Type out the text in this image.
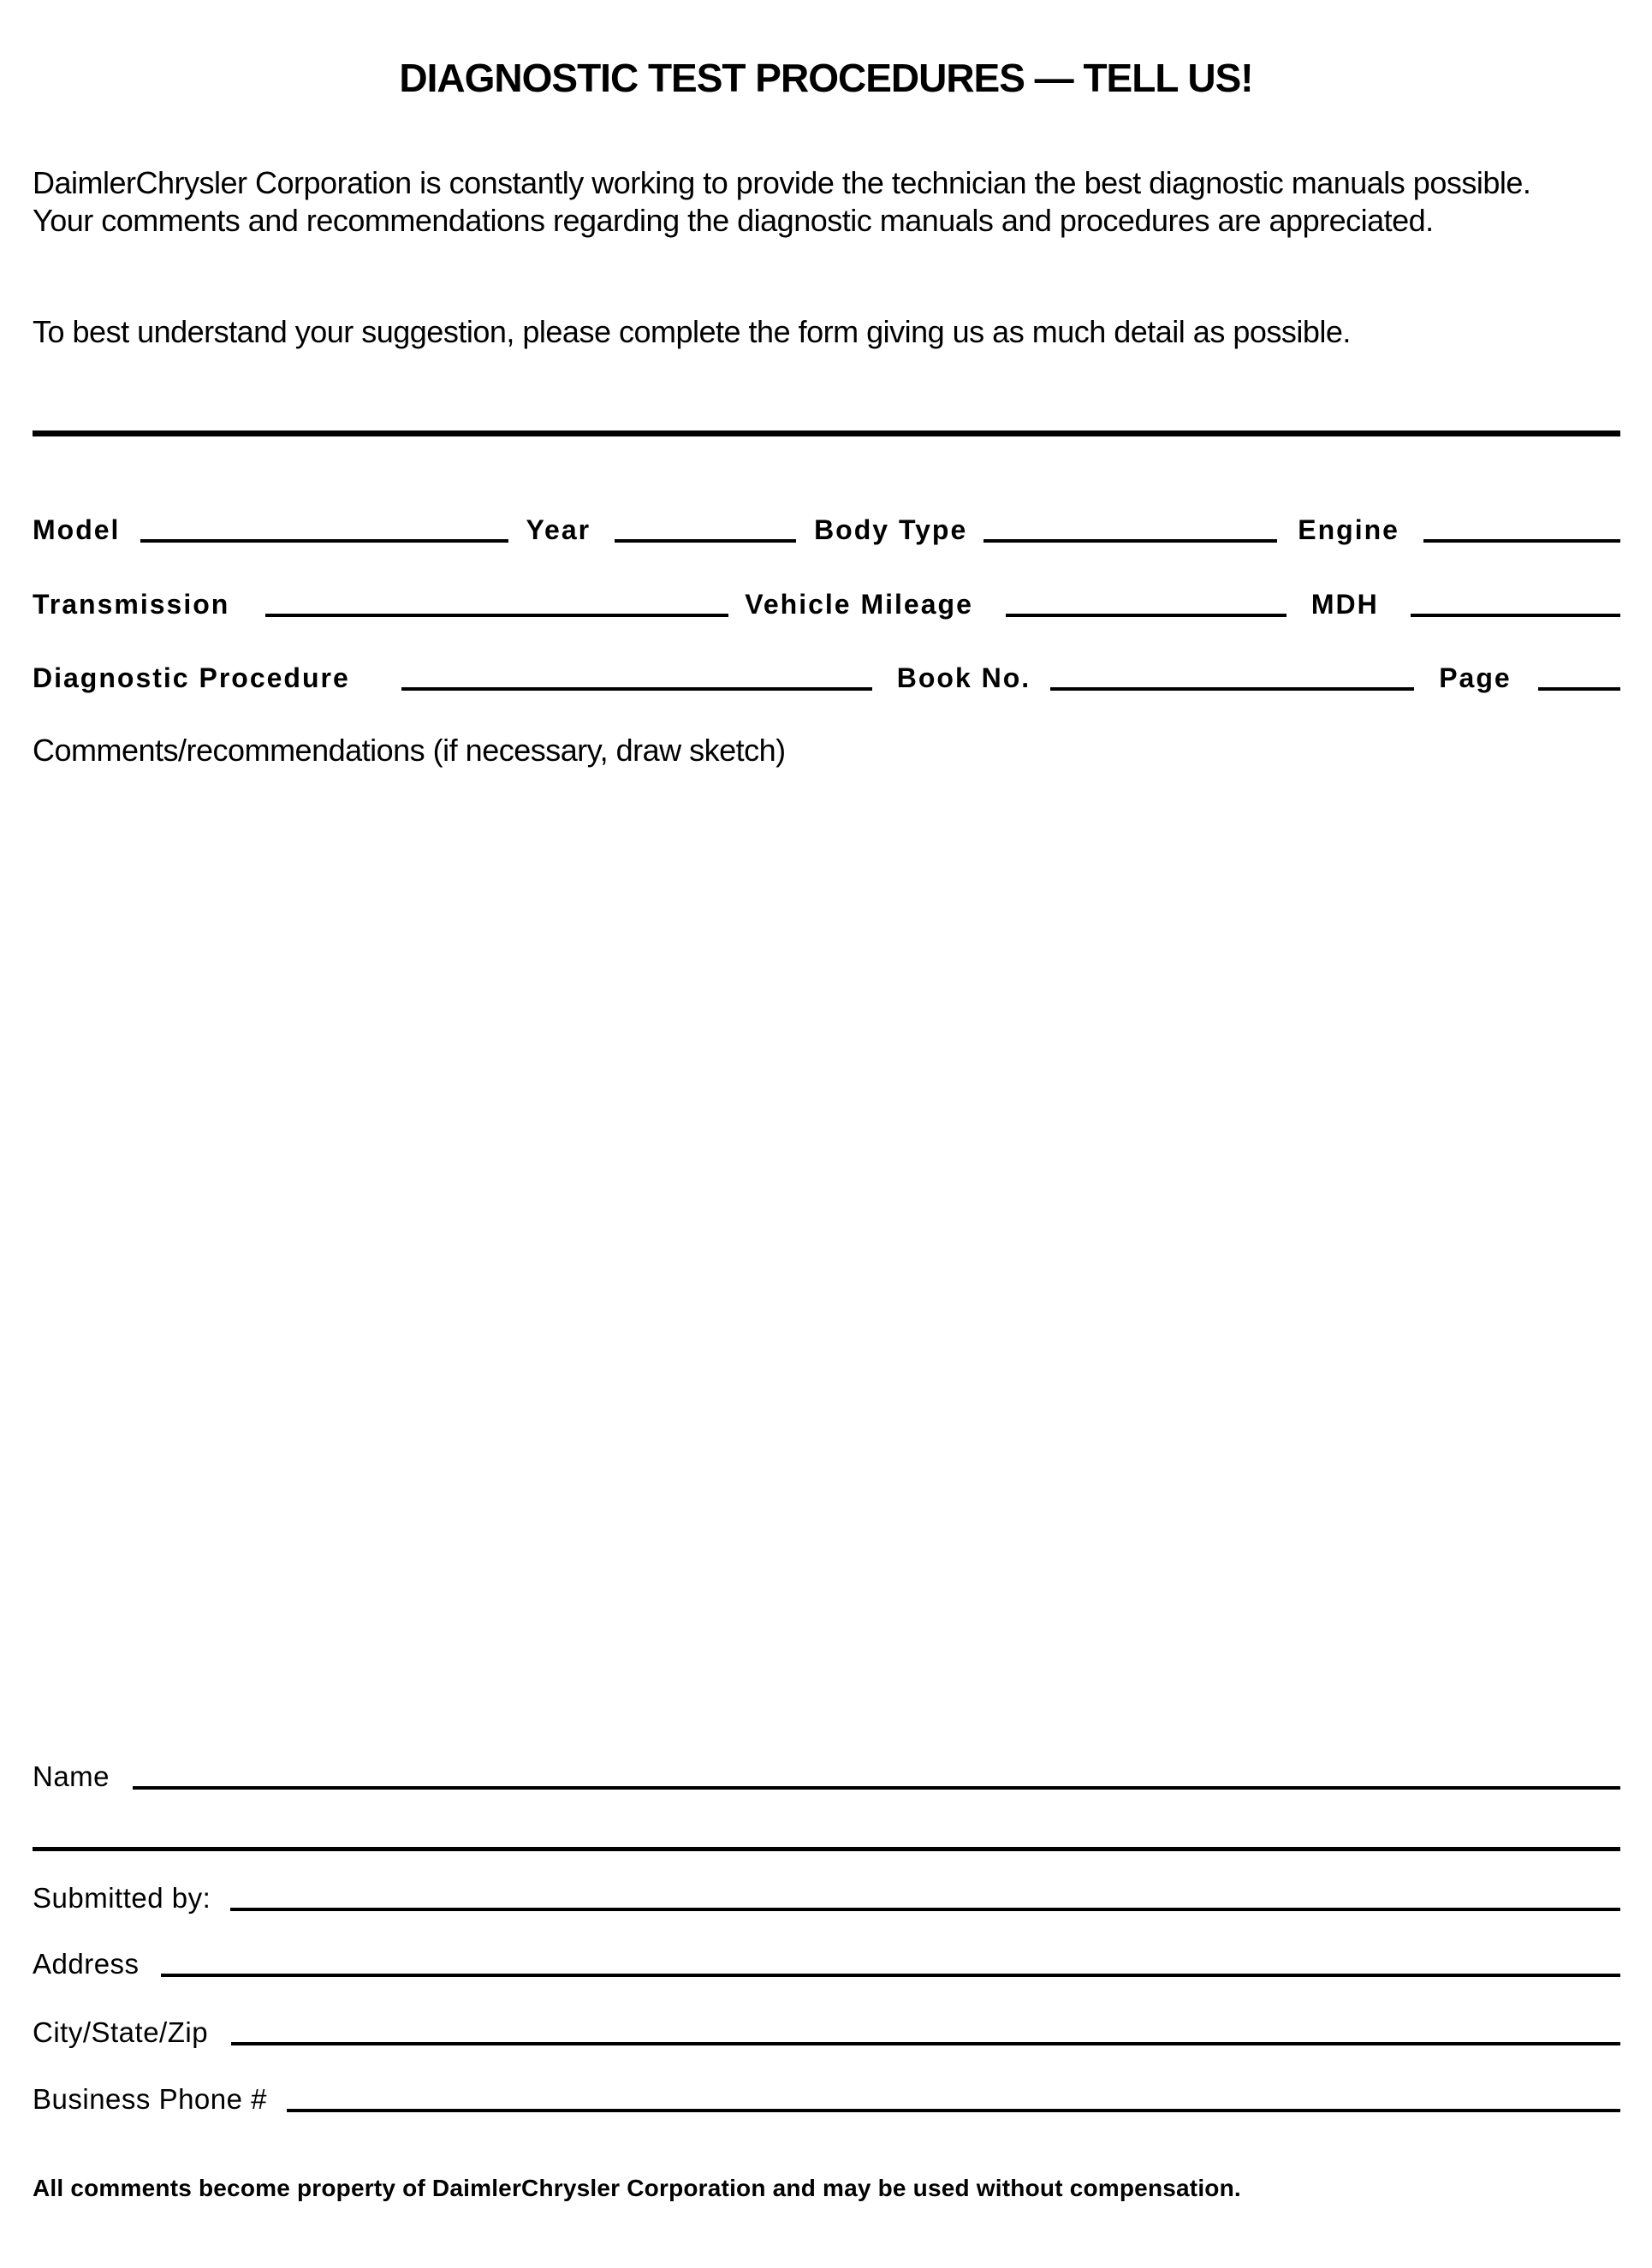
DIAGNOSTIC TEST PROCEDURES — TELL US!
DaimlerChrysler Corporation is constantly working to provide the technician the best diagnostic manuals possible.
Your comments and recommendations regarding the diagnostic manuals and procedures are appreciated.
To best understand your suggestion, please complete the form giving us as much detail as possible.
Model	Year	Body Type	Engine
Transmission	Vehicle Mileage	MDH
Diagnostic Procedure	Book No.	Page
Comments/recommendations (if necessary, draw sketch)
Name
Submitted by:
Address
City/State/Zip
Business Phone #
All comments become property of DaimlerChrysler Corporation and may be used without compensation.
